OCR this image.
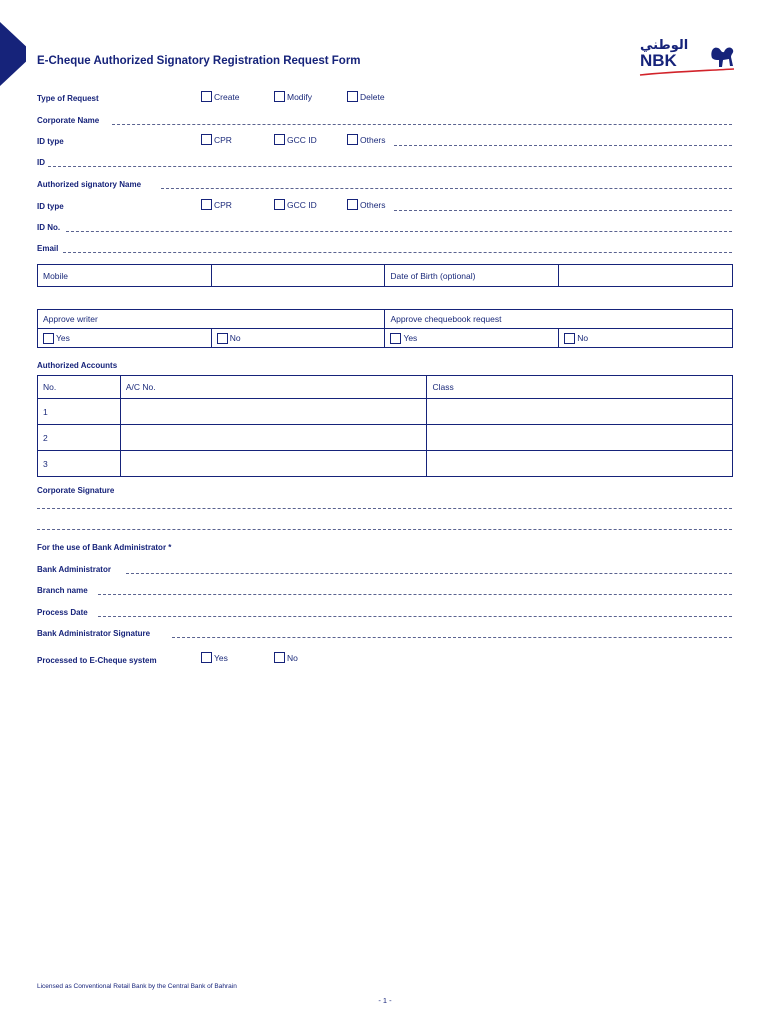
E-Cheque Authorized Signatory Registration Request Form
الوطني
NBK
Type of Request	Create	Modify	Delete
Corporate Name
ID type	CPR	GCC ID	Others
ID
Authorized signatory Name
ID type	CPR	GCC ID	Others
ID No.
Email
Mobile		Date of Birth (optional)	
Approve writer		Approve chequebook request	

Yes	No	Yes	No
Authorized Accounts
No.	A/C No.	Class
1		
2		
3		
Corporate Signature
For the use of Bank Administrator *
Bank Administrator
Branch name
Process Date
Bank Administrator Signature
Processed to E-Cheque system	Yes	No
Licensed as Conventional Retail Bank by the Central Bank of Bahrain
- 1 -
